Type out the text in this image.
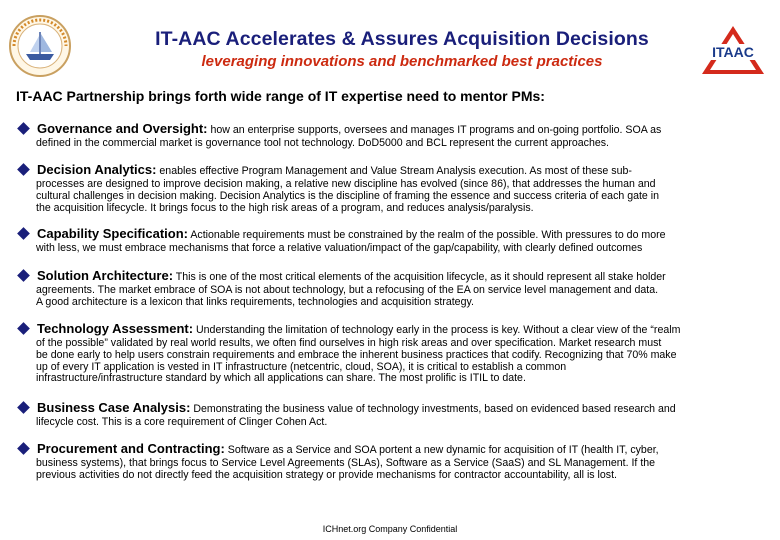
IT-AAC Accelerates & Assures Acquisition Decisions
leveraging innovations and benchmarked best practices
ITAAC
IT-AAC Partnership brings forth wide range of IT expertise need to mentor PMs:
Governance and Oversight: how an enterprise supports, oversees and manages IT programs and on-going portfolio. SOA as
defined in the commercial market is governance tool not technology. DoD5000 and BCL represent the current approaches.
Decision Analytics: enables effective Program Management and Value Stream Analysis execution. As most of these sub-
processes are designed to improve decision making, a relative new discipline has evolved (since 86), that addresses the human and
cultural challenges in decision making. Decision Analytics is the discipline of framing the essence and success criteria of each gate in
the acquisition lifecycle. It brings focus to the high risk areas of a program, and reduces analysis/paralysis.
Capability Specification: Actionable requirements must be constrained by the realm of the possible. With pressures to do more
with less, we must embrace mechanisms that force a relative valuation/impact of the gap/capability, with clearly defined outcomes
Solution Architecture: This is one of the most critical elements of the acquisition lifecycle, as it should represent all stake holder
agreements. The market embrace of SOA is not about technology, but a refocusing of the EA on service level management and data.
A good architecture is a lexicon that links requirements, technologies and acquisition strategy.
Technology Assessment: Understanding the limitation of technology early in the process is key. Without a clear view of the “realm
of the possible” validated by real world results, we often find ourselves in high risk areas and over specification. Market research must
be done early to help users constrain requirements and embrace the inherent business practices that codify. Recognizing that 70% make
up of every IT application is vested in IT infrastructure (netcentric, cloud, SOA), it is critical to establish a common
infrastructure/infrastructure standard by which all applications can share. The most prolific is ITIL to date.
Business Case Analysis: Demonstrating the business value of technology investments, based on evidenced based research and
lifecycle cost. This is a core requirement of Clinger Cohen Act.
Procurement and Contracting: Software as a Service and SOA portent a new dynamic for acquisition of IT (health IT, cyber,
business systems), that brings focus to Service Level Agreements (SLAs), Software as a Service (SaaS) and SL Management. If the
previous activities do not directly feed the acquisition strategy or provide mechanisms for contractor accountability, all is lost.
ICHnet.org Company Confidential
